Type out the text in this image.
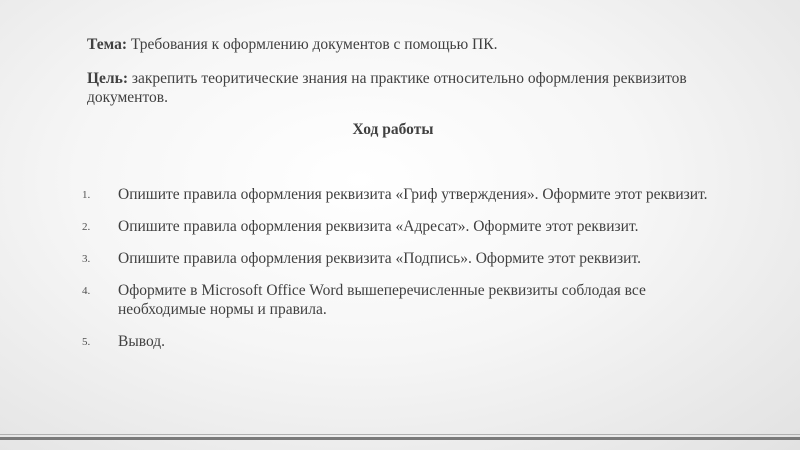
Тема: Требования к оформлению документов с помощью ПК.

Цель: закрепить теоритические знания на практике относительно оформления реквизитов документов.

Ход работы

1. Опишите правила оформления реквизита «Гриф утверждения». Оформите этот реквизит.
2. Опишите правила оформления реквизита «Адресат». Оформите этот реквизит.
3. Опишите правила оформления реквизита «Подпись». Оформите этот реквизит.
4. Оформите в Microsoft Office Word вышеперечисленные реквизиты соблодая все необходимые нормы и правила.
5. Вывод.
